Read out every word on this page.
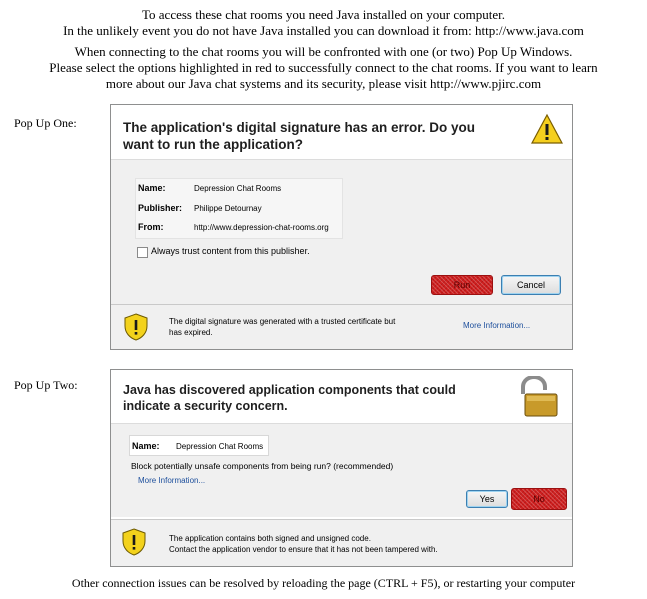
To access these chat rooms you need Java installed on your computer.

In the unlikely event you do not have Java installed you can download it from: http://www.java.com

When connecting to the chat rooms you will be confronted with one (or two) Pop Up Windows.

Please select the options highlighted in red to successfully connect to the chat rooms. If you want to learn

more about our Java chat systems and its security, please visit http://www.pjirc.com

Pop Up One:	The application's digital signature has an error. Do you
want to run the application?
Name:	Depression Chat Rooms
Publisher: Philippe Detournay
From:	http://www.depression-chat-rooms.org
Always trust content from this publisher.
Run	Cancel
The digital signature was generated with a trusted certificate but
has expired.
More Information...
Pop Up Two:	Java has discovered application components that could
indicate a security concern.
Name: Depression Chat Rooms
Block potentially unsafe components from being run? (recommended)
More Information...
Yes	No
The application contains both signed and unsigned code.
Contact the application vendor to ensure that it has not been tampered with.
Other connection issues can be resolved by reloading the page (CTRL + F5), or restarting your computer
